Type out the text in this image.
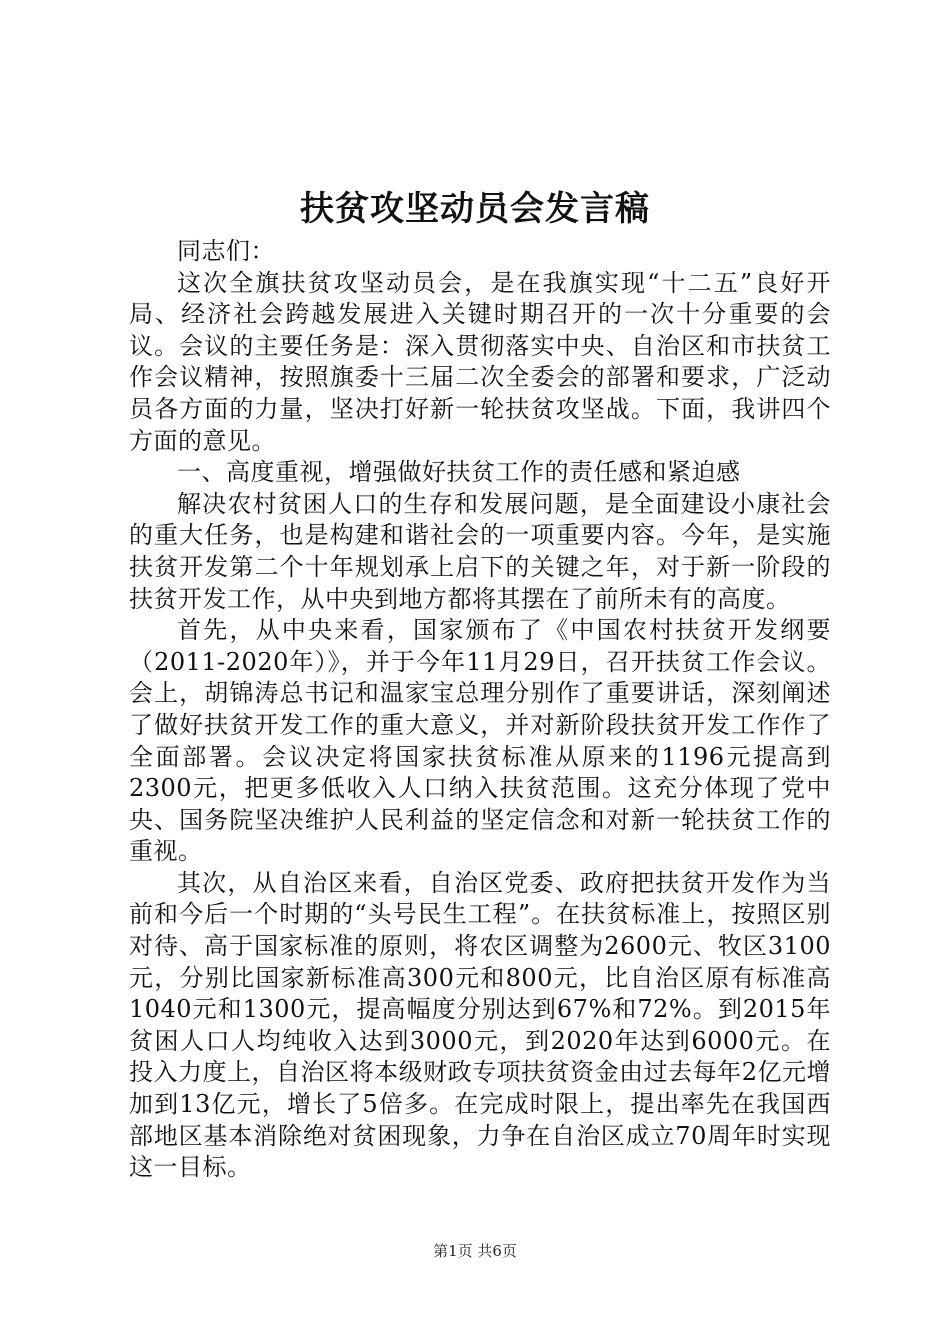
扶贫攻坚动员会发言稿

同志们：

这次全旗扶贫攻坚动员会，是在我旗实现“十二五”良好开局、经济社会跨越发展进入关键时期召开的一次十分重要的会议。会议的主要任务是：深入贯彻落实中央、自治区和市扶贫工作会议精神，按照旗委十三届二次全委会的部署和要求，广泛动员各方面的力量，坚决打好新一轮扶贫攻坚战。下面，我讲四个方面的意见。

一、高度重视，增强做好扶贫工作的责任感和紧迫感

解决农村贫困人口的生存和发展问题，是全面建设小康社会的重大任务，也是构建和谐社会的一项重要内容。今年，是实施扶贫开发第二个十年规划承上启下的关键之年，对于新一阶段的扶贫开发工作，从中央到地方都将其摆在了前所未有的高度。

首先，从中央来看，国家颁布了《中国农村扶贫开发纲要（2011-2020年）》，并于今年11月29日，召开扶贫工作会议。会上，胡锦涛总书记和温家宝总理分别作了重要讲话，深刻阐述了做好扶贫开发工作的重大意义，并对新阶段扶贫开发工作作了全面部署。会议决定将国家扶贫标准从原来的1196元提高到2300元，把更多低收入人口纳入扶贫范围。这充分体现了党中央、国务院坚决维护人民利益的坚定信念和对新一轮扶贫工作的重视。

其次，从自治区来看，自治区党委、政府把扶贫开发作为当前和今后一个时期的“头号民生工程”。在扶贫标准上，按照区别对待、高于国家标准的原则，将农区调整为2600元、牧区3100元，分别比国家新标准高300元和800元，比自治区原有标准高1040元和1300元，提高幅度分别达到67%和72%。到2015年贫困人口人均纯收入达到3000元，到2020年达到6000元。在投入力度上，自治区将本级财政专项扶贫资金由过去每年2亿元增加到13亿元，增长了5倍多。在完成时限上，提出率先在我国西部地区基本消除绝对贫困现象，力争在自治区成立70周年时实现这一目标。

第1页 共6页
